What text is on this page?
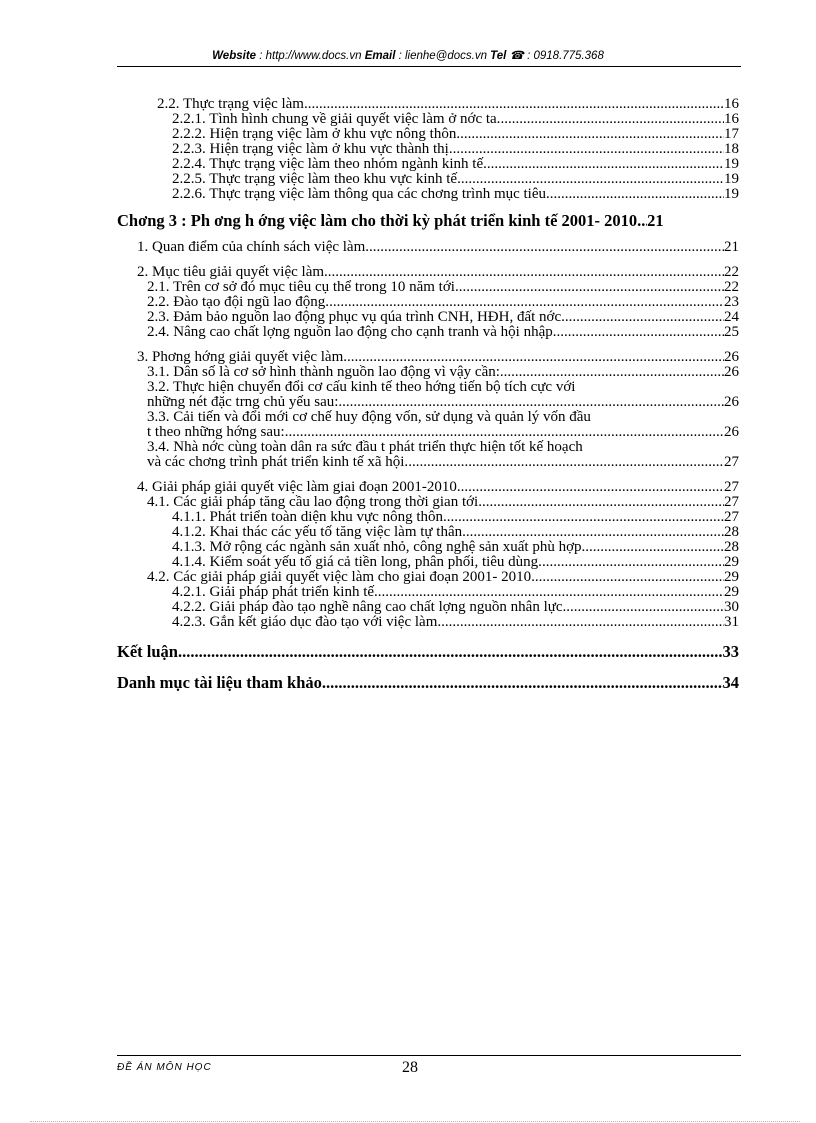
Website : http://www.docs.vn Email : lienhe@docs.vn Tel ☎ : 0918.775.368
2.2. Thực trạng việc làm. .....	16
2.2.1. Tình hình chung về giải quyết việc làm ở nớc ta. .....	16
2.2.2. Hiện trạng việc làm ở khu vực nông thôn. .....	17
2.2.3. Hiện trạng việc làm ở khu vực thành thị. .....	18
2.2.4. Thực trạng việc làm theo nhóm ngành kinh tế. .....	19
2.2.5. Thực trạng việc làm theo khu vực kinh tế. .....	19
2.2.6. Thực trạng việc làm thông qua các chơng trình mục tiêu. .....	19
Chơng 3 : Ph ơng h ớng việc làm cho thời kỳ phát triển kinh tế 2001- 2010 ..... 21
1. Quan điểm của chính sách việc làm .....	21
2. Mục tiêu giải quyết việc làm. .....	22
2.1. Trên cơ sở đó mục tiêu cụ thể trong 10 năm tới .....	22
2.2. Đào tạo đội ngũ lao động. .....	23
2.3. Đảm bảo nguồn lao động phục vụ qúa trình CNH, HĐH, đất nớc. .....	24
2.4. Nâng cao chất lợng nguồn lao động cho cạnh tranh và hội nhập .....	25
3. Phơng hớng giải quyết việc làm. .....	26
3.1. Dân số là cơ sở hình thành nguồn lao động vì vậy cần: .....	26
3.2. Thực hiện chuyển đổi cơ cấu kinh tế theo hớng tiến bộ tích cực với
những nét đặc trng chủ yếu sau: .....	26
3.3. Cải tiến và đổi mới cơ chế huy động vốn, sử dụng và quản lý vốn đầu
t theo những hớng sau: .....	26
3.4. Nhà nớc cùng toàn dân ra sức đầu t phát triển thực hiện tốt kế hoạch
và các chơng trình phát triển kinh tế xã hội. .....	27
4. Giải pháp giải quyết việc làm giai đoạn 2001-2010. .....	27
4.1. Các giải pháp tăng cầu lao động trong thời gian tới .....	27
4.1.1. Phát triển toàn diện khu vực nông thôn. .....	27
4.1.2. Khai thác các yếu tố tăng việc làm tự thân. .....	28
4.1.3. Mở rộng các ngành sản xuất nhỏ, công nghệ sản xuất phù hợp .....	28
4.1.4. Kiểm soát yếu tố giá cả tiền long, phân phối, tiêu dùng. .....	29
4.2. Các giải pháp giải quyết việc làm cho giai đoạn 2001- 2010. .....	29
4.2.1. Giải pháp phát triển kinh tế. .....	29
4.2.2. Giải pháp đào tạo nghề nâng cao chất lợng nguồn nhân lực. .....	30
4.2.3. Gắn kết giáo dục đào tạo với việc làm. .....	31
Kết luận .....	33
Danh mục tài liệu tham khảo .....	34
ĐỀ ÁN MÔN HỌC	28
